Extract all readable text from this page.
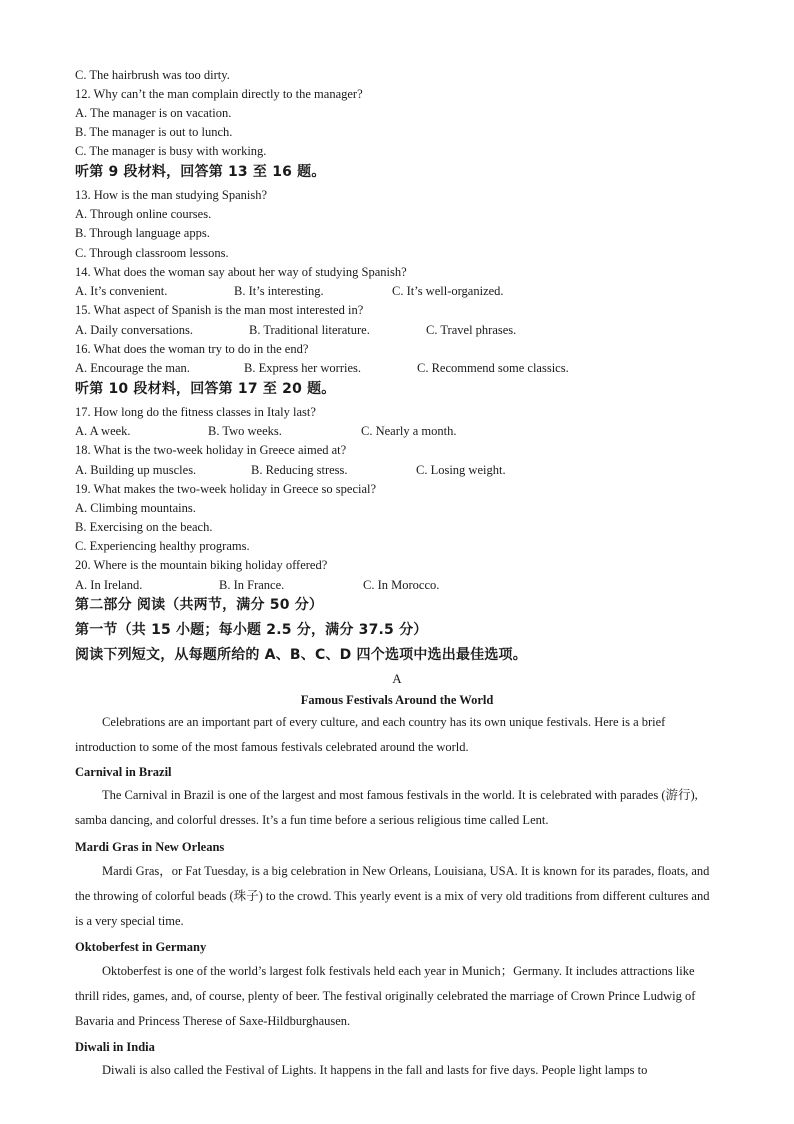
C. The hairbrush was too dirty.
12. Why can’t the man complain directly to the manager?
A. The manager is on vacation.
B. The manager is out to lunch.
C. The manager is busy with working.
听第 9 段材料，回答第 13 至 16 题。
13. How is the man studying Spanish?
A. Through online courses.
B. Through language apps.
C. Through classroom lessons.
14. What does the woman say about her way of studying Spanish?
A. It’s convenient.	B. It’s interesting.	C. It’s well-organized.
15. What aspect of Spanish is the man most interested in?
A. Daily conversations.	B. Traditional literature.	C. Travel phrases.
16. What does the woman try to do in the end?
A. Encourage the man.	B. Express her worries.	C. Recommend some classics.
听第 10 段材料，回答第 17 至 20 题。
17. How long do the fitness classes in Italy last?
A. A week.	B. Two weeks.	C. Nearly a month.
18. What is the two-week holiday in Greece aimed at?
A. Building up muscles.	B. Reducing stress.	C. Losing weight.
19. What makes the two-week holiday in Greece so special?
A. Climbing mountains.
B. Exercising on the beach.
C. Experiencing healthy programs.
20. Where is the mountain biking holiday offered?
A. In Ireland.	B. In France.	C. In Morocco.
第二部分 阅读（共两节，满分 50 分）
第一节（共 15 小题；每小题 2.5 分，满分 37.5 分）
阅读下列短文，从每题所给的 A、B、C、D 四个选项中选出最佳选项。
A
Famous Festivals Around the World
Celebrations are an important part of every culture, and each country has its own unique festivals. Here is a brief introduction to some of the most famous festivals celebrated around the world.
Carnival in Brazil
The Carnival in Brazil is one of the largest and most famous festivals in the world. It is celebrated with parades (游行), samba dancing, and colorful dresses. It’s a fun time before a serious religious time called Lent.
Mardi Gras in New Orleans
Mardi Gras，or Fat Tuesday, is a big celebration in New Orleans, Louisiana, USA. It is known for its parades, floats, and the throwing of colorful beads (珠子) to the crowd. This yearly event is a mix of very old traditions from different cultures and is a very special time.
Oktoberfest in Germany
Oktoberfest is one of the world’s largest folk festivals held each year in Munich；Germany. It includes attractions like thrill rides, games, and, of course, plenty of beer. The festival originally celebrated the marriage of Crown Prince Ludwig of Bavaria and Princess Therese of Saxe-Hildburghausen.
Diwali in India
Diwali is also called the Festival of Lights. It happens in the fall and lasts for five days. People light lamps to
